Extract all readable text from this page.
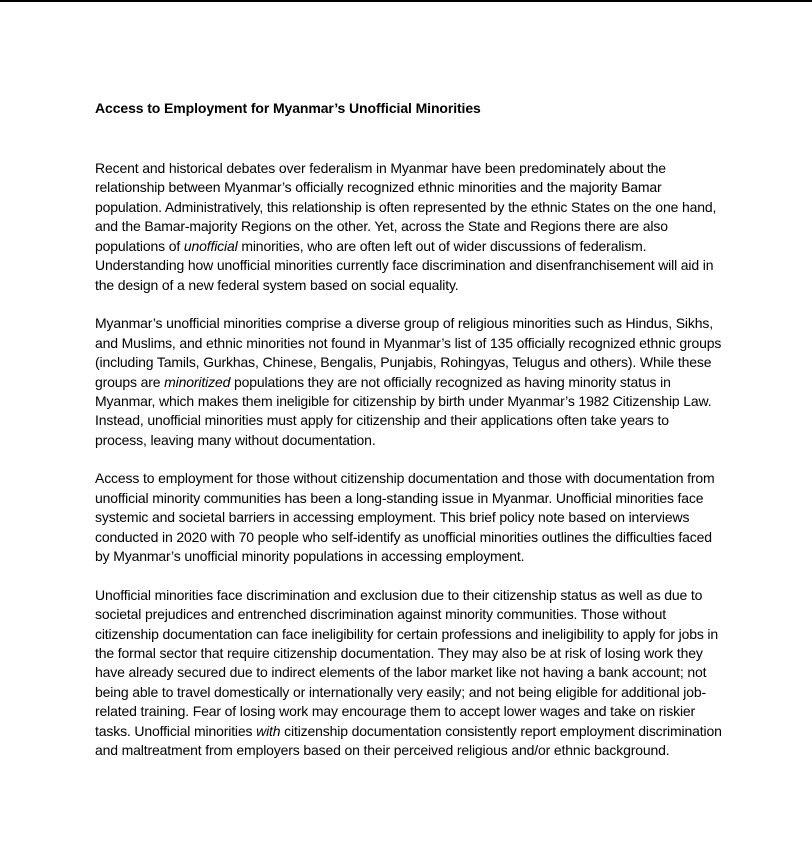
Access to Employment for Myanmar’s Unofficial Minorities

Recent and historical debates over federalism in Myanmar have been predominately about the relationship between Myanmar’s officially recognized ethnic minorities and the majority Bamar population. Administratively, this relationship is often represented by the ethnic States on the one hand, and the Bamar-majority Regions on the other. Yet, across the State and Regions there are also populations of unofficial minorities, who are often left out of wider discussions of federalism. Understanding how unofficial minorities currently face discrimination and disenfranchisement will aid in the design of a new federal system based on social equality.

Myanmar’s unofficial minorities comprise a diverse group of religious minorities such as Hindus, Sikhs, and Muslims, and ethnic minorities not found in Myanmar’s list of 135 officially recognized ethnic groups (including Tamils, Gurkhas, Chinese, Bengalis, Punjabis, Rohingyas, Telugus and others). While these groups are minoritized populations they are not officially recognized as having minority status in Myanmar, which makes them ineligible for citizenship by birth under Myanmar’s 1982 Citizenship Law. Instead, unofficial minorities must apply for citizenship and their applications often take years to process, leaving many without documentation.

Access to employment for those without citizenship documentation and those with documentation from unofficial minority communities has been a long-standing issue in Myanmar. Unofficial minorities face systemic and societal barriers in accessing employment. This brief policy note based on interviews conducted in 2020 with 70 people who self-identify as unofficial minorities outlines the difficulties faced by Myanmar’s unofficial minority populations in accessing employment.

Unofficial minorities face discrimination and exclusion due to their citizenship status as well as due to societal prejudices and entrenched discrimination against minority communities. Those without citizenship documentation can face ineligibility for certain professions and ineligibility to apply for jobs in the formal sector that require citizenship documentation. They may also be at risk of losing work they have already secured due to indirect elements of the labor market like not having a bank account; not being able to travel domestically or internationally very easily; and not being eligible for additional job-related training. Fear of losing work may encourage them to accept lower wages and take on riskier tasks. Unofficial minorities with citizenship documentation consistently report employment discrimination and maltreatment from employers based on their perceived religious and/or ethnic background.
